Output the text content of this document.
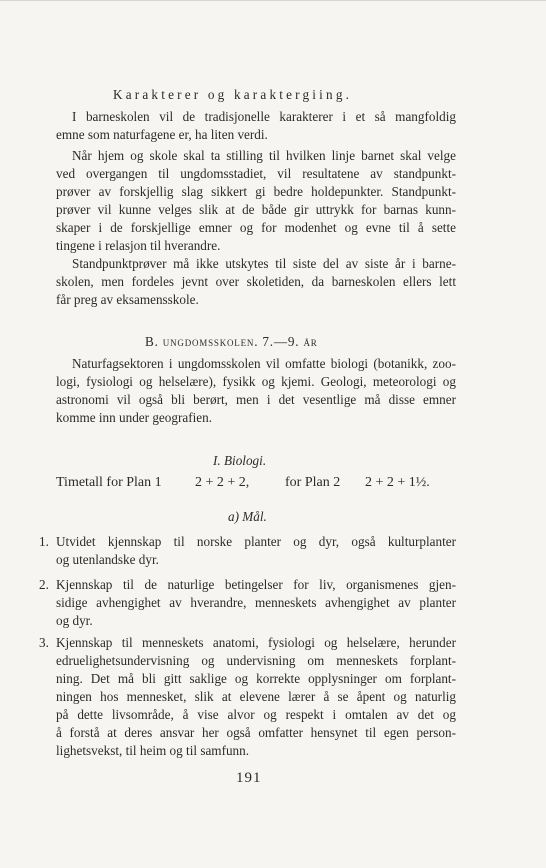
Karakterer og karaktergiing.
I barneskolen vil de tradisjonelle karakterer i et så mangfoldig
emne som naturfagene er, ha liten verdi.
Når hjem og skole skal ta stilling til hvilken linje barnet skal velge
ved overgangen til ungdomsstadiet, vil resultatene av standpunkt-
prøver av forskjellig slag sikkert gi bedre holdepunkter. Standpunkt-
prøver vil kunne velges slik at de både gir uttrykk for barnas kunn-
skaper i de forskjellige emner og for modenhet og evne til å sette
tingene i relasjon til hverandre.
Standpunktprøver må ikke utskytes til siste del av siste år i barne-
skolen, men fordeles jevnt over skoletiden, da barneskolen ellers lett
får preg av eksamensskole.
B. ungdomsskolen. 7.—9. år
Naturfagsektoren i ungdomsskolen vil omfatte biologi (botanikk, zoo-
logi, fysiologi og helselære), fysikk og kjemi. Geologi, meteorologi og
astronomi vil også bli berørt, men i det vesentlige må disse emner
komme inn under geografien.
I. Biologi.
Timetall for Plan 1 2 + 2 + 2,	for Plan 2 2 + 2 + 1½.
a) Mål.
1. Utvidet kjennskap til norske planter og dyr, også kulturplanter
og utenlandske dyr.
2. Kjennskap til de naturlige betingelser for liv, organismenes gjen-
sidige avhengighet av hverandre, menneskets avhengighet av planter
og dyr.
3. Kjennskap til menneskets anatomi, fysiologi og helselære, herunder
edruelighetsundervisning og undervisning om menneskets forplant-
ning. Det må bli gitt saklige og korrekte opplysninger om forplant-
ningen hos mennesket, slik at elevene lærer å se åpent og naturlig
på dette livsområde, å vise alvor og respekt i omtalen av det og
å forstå at deres ansvar her også omfatter hensynet til egen person-
lighetsvekst, til heim og til samfunn.
191
